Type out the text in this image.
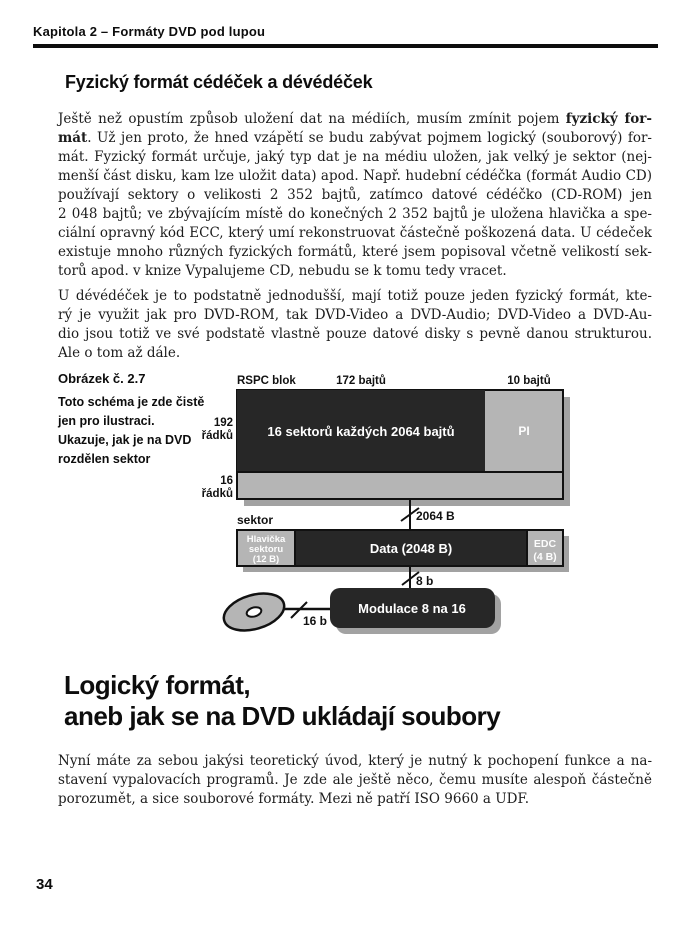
Kapitola 2 – Formáty DVD pod lupou
Fyzický formát cédéček a dévédéček
Ještě než opustím způsob uložení dat na médiích, musím zmínit pojem fyzický for-
mát. Už jen proto, že hned vzápětí se budu zabývat pojmem logický (souborový) for-
mát. Fyzický formát určuje, jaký typ dat je na médiu uložen, jak velký je sektor (nej-
menší část disku, kam lze uložit data) apod. Např. hudební cédéčka (formát Audio CD)
používají sektory o velikosti 2 352 bajtů, zatímco datové cédéčko (CD-ROM) jen
2 048 bajtů; ve zbývajícím místě do konečných 2 352 bajtů je uložena hlavička a spe-
ciální opravný kód ECC, který umí rekonstruovat částečně poškozená data. U cédeček
existuje mnoho různých fyzických formátů, které jsem popisoval včetně velikostí sek-
torů apod. v knize Vypalujeme CD, nebudu se k tomu tedy vracet.
U dévédéček je to podstatně jednodušší, mají totiž pouze jeden fyzický formát, kte-
rý je využit jak pro DVD-ROM, tak DVD-Video a DVD-Audio; DVD-Video a DVD-Au-
dio jsou totiž ve své podstatě vlastně pouze datové disky s pevně danou strukturou.
Ale o tom až dále.
Obrázek č. 2.7
Toto schéma je zde čistě
jen pro ilustraci.
Ukazuje, jak je na DVD
rozdělen sektor
RSPC blok	172 bajtů	10 bajtů
16 sektorů každých 2064 bajtů	PI
192
řádků
16
řádků
2064 B
sektor
Hlavička
sektoru
(12 B)
Data (2048 B)	EDC
(4 B)
8 b
Modulace 8 na 16
16 b
Logický formát,
aneb jak se na DVD ukládají soubory
Nyní máte za sebou jakýsi teoretický úvod, který je nutný k pochopení funkce a na-
stavení vypalovacích programů. Je zde ale ještě něco, čemu musíte alespoň částečně
porozumět, a sice souborové formáty. Mezi ně patří ISO 9660 a UDF.
34
